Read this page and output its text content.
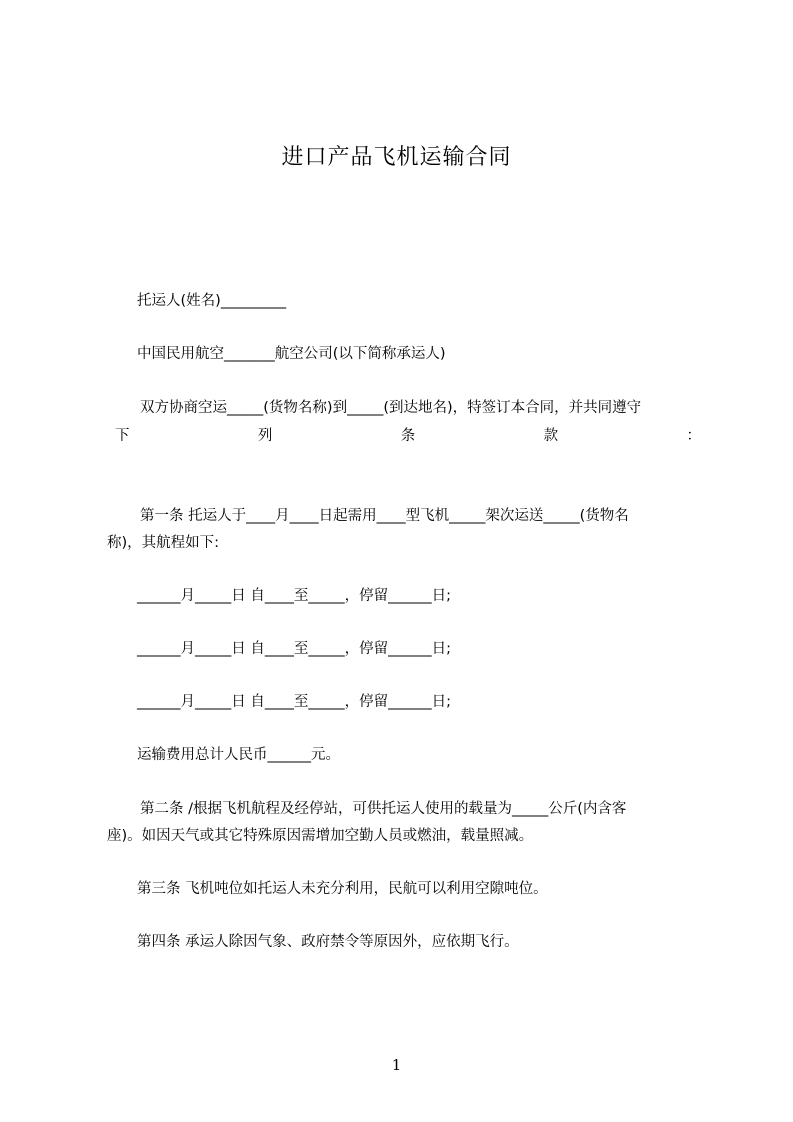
进口产品飞机运输合同
托运人(姓名)_________
中国民用航空_______航空公司(以下简称承运人)
双方协商空运_____(货物名称)到_____(到达地名)，特签订本合同，并共同遵守
下	列	条	款	：
第一条 托运人于____月____日起需用____型飞机_____架次运送_____(货物名
称)，其航程如下:
______月_____日 自____至_____，停留______日;
______月_____日 自____至_____，停留______日;
______月_____日 自____至_____，停留______日;
运输费用总计人民币______元。
第二条 /根据飞机航程及经停站，可供托运人使用的载量为_____公斤(内含客
座)。如因天气或其它特殊原因需增加空勤人员或燃油，载量照减。
第三条 飞机吨位如托运人未充分利用，民航可以利用空隙吨位。
第四条 承运人除因气象、政府禁令等原因外，应依期飞行。
1
